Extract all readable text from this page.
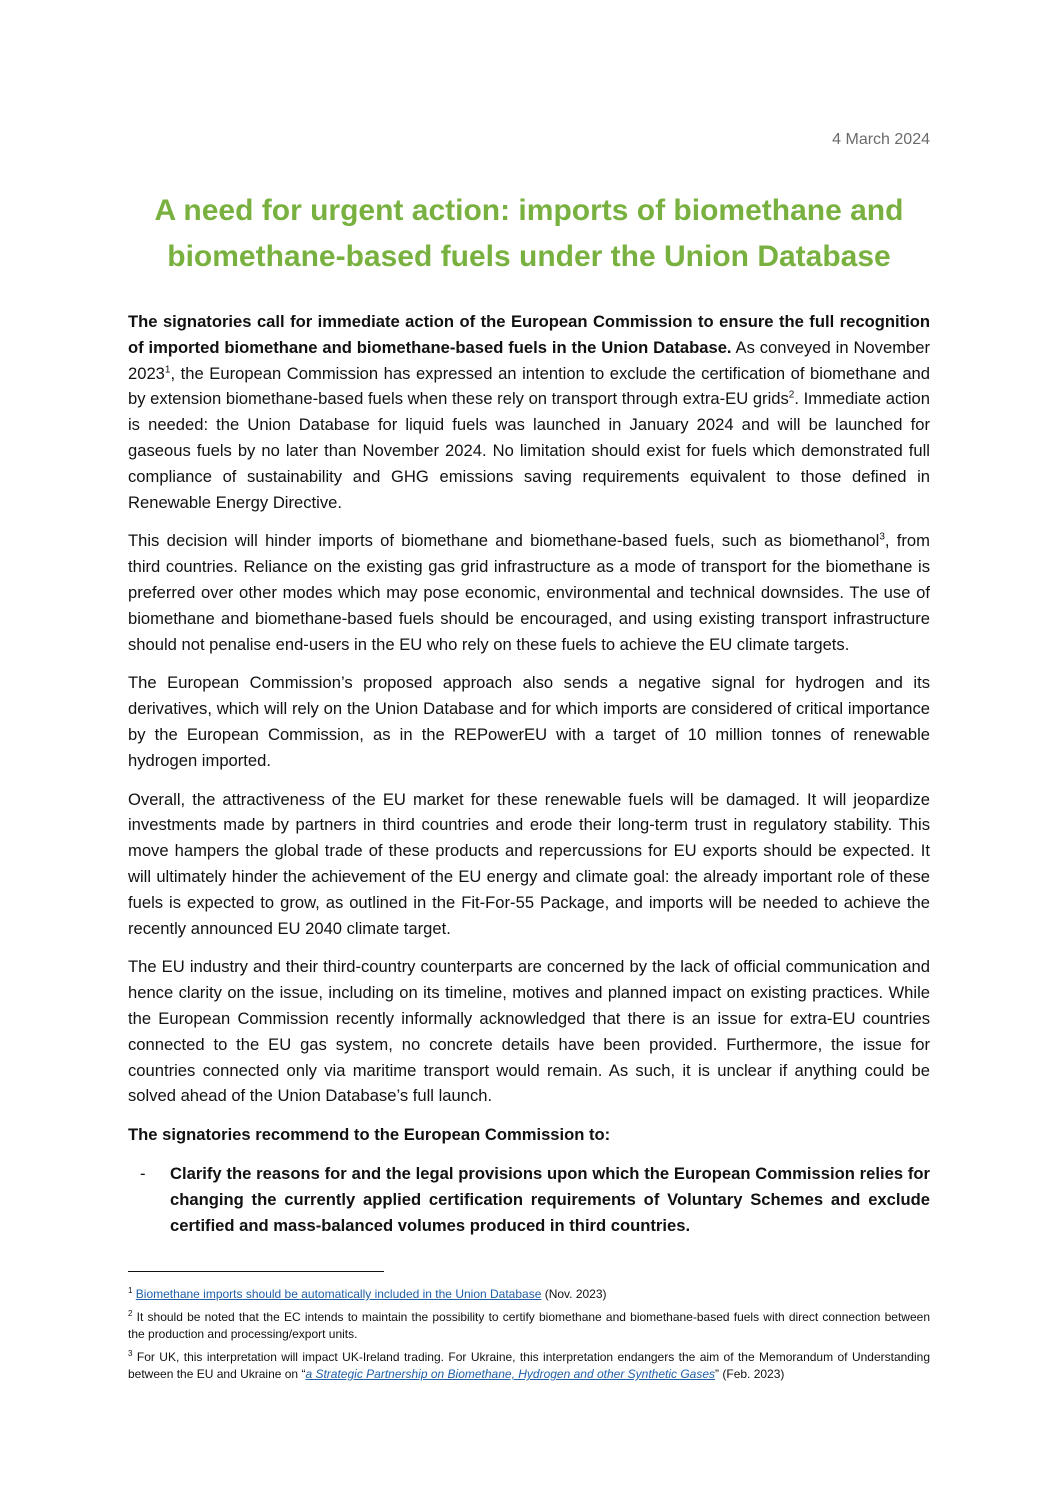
4 March 2024
A need for urgent action: imports of biomethane and
biomethane-based fuels under the Union Database

The signatories call for immediate action of the European Commission to ensure the full recognition of imported biomethane and biomethane-based fuels in the Union Database. As conveyed in November 2023$^1$, the European Commission has expressed an intention to exclude the certification of biomethane and by extension biomethane-based fuels when these rely on transport through extra-EU grids$^2$. Immediate action is needed: the Union Database for liquid fuels was launched in January 2024 and will be launched for gaseous fuels by no later than November 2024. No limitation should exist for fuels which demonstrated full compliance of sustainability and GHG emissions saving requirements equivalent to those defined in Renewable Energy Directive.

This decision will hinder imports of biomethane and biomethane-based fuels, such as biomethanol$^3$, from third countries. Reliance on the existing gas grid infrastructure as a mode of transport for the biomethane is preferred over other modes which may pose economic, environmental and technical downsides. The use of biomethane and biomethane-based fuels should be encouraged, and using existing transport infrastructure should not penalise end-users in the EU who rely on these fuels to achieve the EU climate targets.

The European Commission’s proposed approach also sends a negative signal for hydrogen and its derivatives, which will rely on the Union Database and for which imports are considered of critical importance by the European Commission, as in the REPowerEU with a target of 10 million tonnes of renewable hydrogen imported.

Overall, the attractiveness of the EU market for these renewable fuels will be damaged. It will jeopardize investments made by partners in third countries and erode their long-term trust in regulatory stability. This move hampers the global trade of these products and repercussions for EU exports should be expected. It will ultimately hinder the achievement of the EU energy and climate goal: the already important role of these fuels is expected to grow, as outlined in the Fit-For-55 Package, and imports will be needed to achieve the recently announced EU 2040 climate target.

The EU industry and their third-country counterparts are concerned by the lack of official communication and hence clarity on the issue, including on its timeline, motives and planned impact on existing practices. While the European Commission recently informally acknowledged that there is an issue for extra-EU countries connected to the EU gas system, no concrete details have been provided. Furthermore, the issue for countries connected only via maritime transport would remain. As such, it is unclear if anything could be solved ahead of the Union Database’s full launch.

The signatories recommend to the European Commission to:

- Clarify the reasons for and the legal provisions upon which the European Commission relies for changing the currently applied certification requirements of Voluntary Schemes and exclude certified and mass-balanced volumes produced in third countries.

$^1$ Biomethane imports should be automatically included in the Union Database (Nov. 2023)

$^2$ It should be noted that the EC intends to maintain the possibility to certify biomethane and biomethane-based fuels with direct connection between the production and processing/export units.

$^3$ For UK, this interpretation will impact UK-Ireland trading. For Ukraine, this interpretation endangers the aim of the Memorandum of Understanding between the EU and Ukraine on “a Strategic Partnership on Biomethane, Hydrogen and other Synthetic Gases” (Feb. 2023)
